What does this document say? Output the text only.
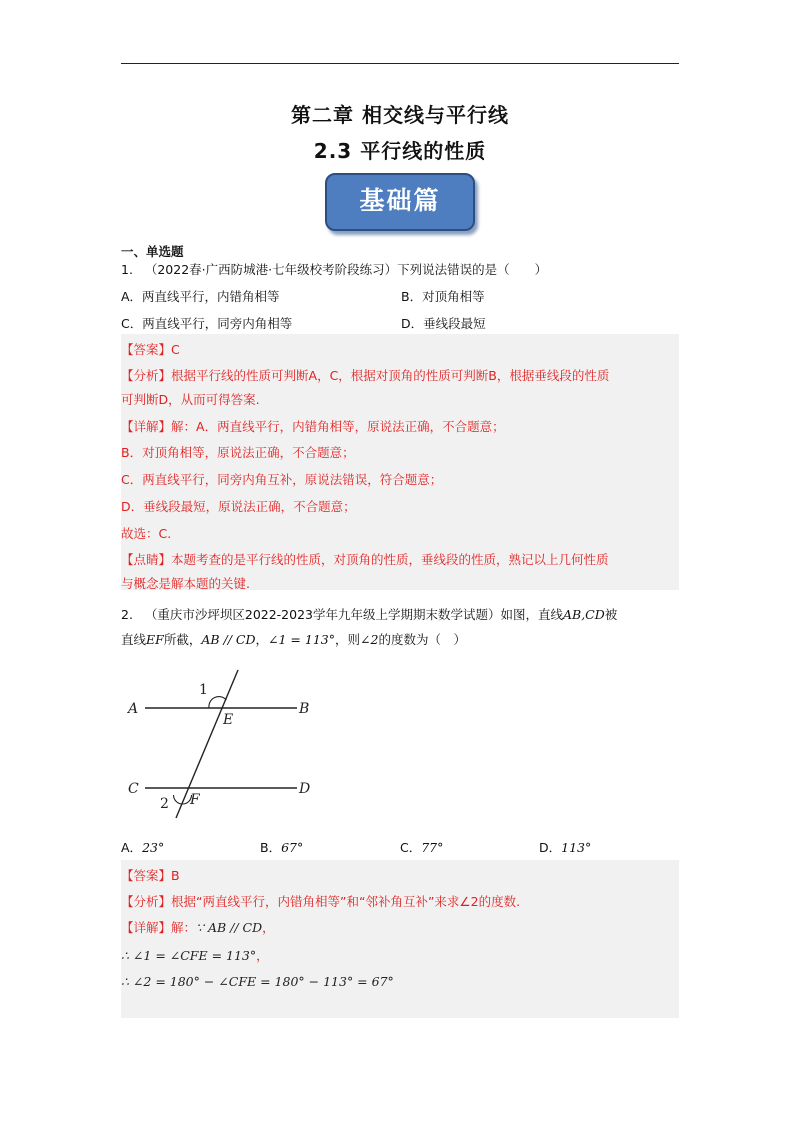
第二章 相交线与平行线
2.3 平行线的性质
基础篇
一、单选题
1. （2022春·广西防城港·七年级校考阶段练习）下列说法错误的是（　　）
A．两直线平行，内错角相等	B．对顶角相等
C．两直线平行，同旁内角相等	D．垂线段最短
【答案】C
【分析】根据平行线的性质可判断A，C，根据对顶角的性质可判断B，根据垂线段的性质
可判断D，从而可得答案.
【详解】解：A．两直线平行，内错角相等，原说法正确，不合题意；
B．对顶角相等，原说法正确，不合题意；
C．两直线平行，同旁内角互补，原说法错误，符合题意；
D．垂线段最短，原说法正确，不合题意；
故选：C.
【点睛】本题考查的是平行线的性质，对顶角的性质，垂线段的性质，熟记以上几何性质
与概念是解本题的关键.
2. （重庆市沙坪坝区2022-2023学年九年级上学期期末数学试题）如图，直线AB,CD被
直线EF所截，AB // CD，∠1 = 113°，则∠2的度数为（　）
A	B
C	D
E
F
1
2
A．23°	B．67°	C．77°	D．113°
【答案】B
【分析】根据“两直线平行，内错角相等”和“邻补角互补”来求∠2的度数.
【详解】解：∵ AB // CD，
∴ ∠1 = ∠CFE = 113°，
∴ ∠2 = 180° − ∠CFE = 180° − 113° = 67°
